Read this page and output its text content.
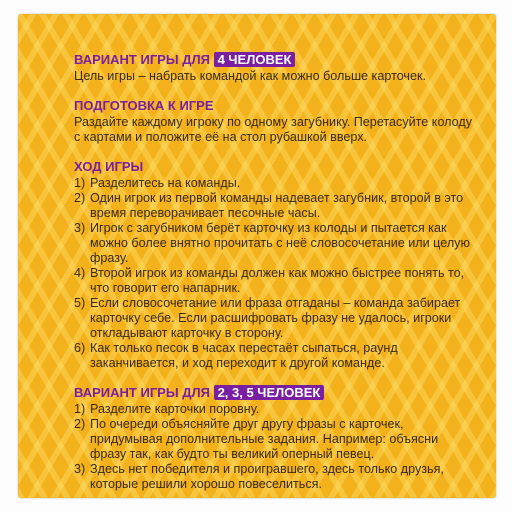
ВАРИАНТ ИГРЫ ДЛЯ 4 ЧЕЛОВЕК

Цель игры – набрать командой как можно больше карточек.

ПОДГОТОВКА К ИГРЕ

Раздайте каждому игроку по одному загубнику. Перетасуйте колоду с картами и положите её на стол рубашкой вверх.

ХОД ИГРЫ
1) Разделитесь на команды.
2) Один игрок из первой команды надевает загубник, второй в это время переворачивает песочные часы.
3) Игрок с загубником берёт карточку из колоды и пытается как можно более внятно прочитать с неё словосочетание или целую фразу.
4) Второй игрок из команды должен как можно быстрее понять то, что говорит его напарник.
5) Если словосочетание или фраза отгаданы – команда забирает карточку себе. Если расшифровать фразу не удалось, игроки откладывают карточку в сторону.
6) Как только песок в часах перестаёт сыпаться, раунд заканчивается, и ход переходит к другой команде.
ВАРИАНТ ИГРЫ ДЛЯ 2, 3, 5 ЧЕЛОВЕК
1) Разделите карточки поровну.
2) По очереди объясняйте друг другу фразы с карточек, придумывая дополнительные задания. Например: объясни фразу так, как будто ты великий оперный певец.
3) Здесь нет победителя и проигравшего, здесь только друзья, которые решили хорошо повеселиться.
